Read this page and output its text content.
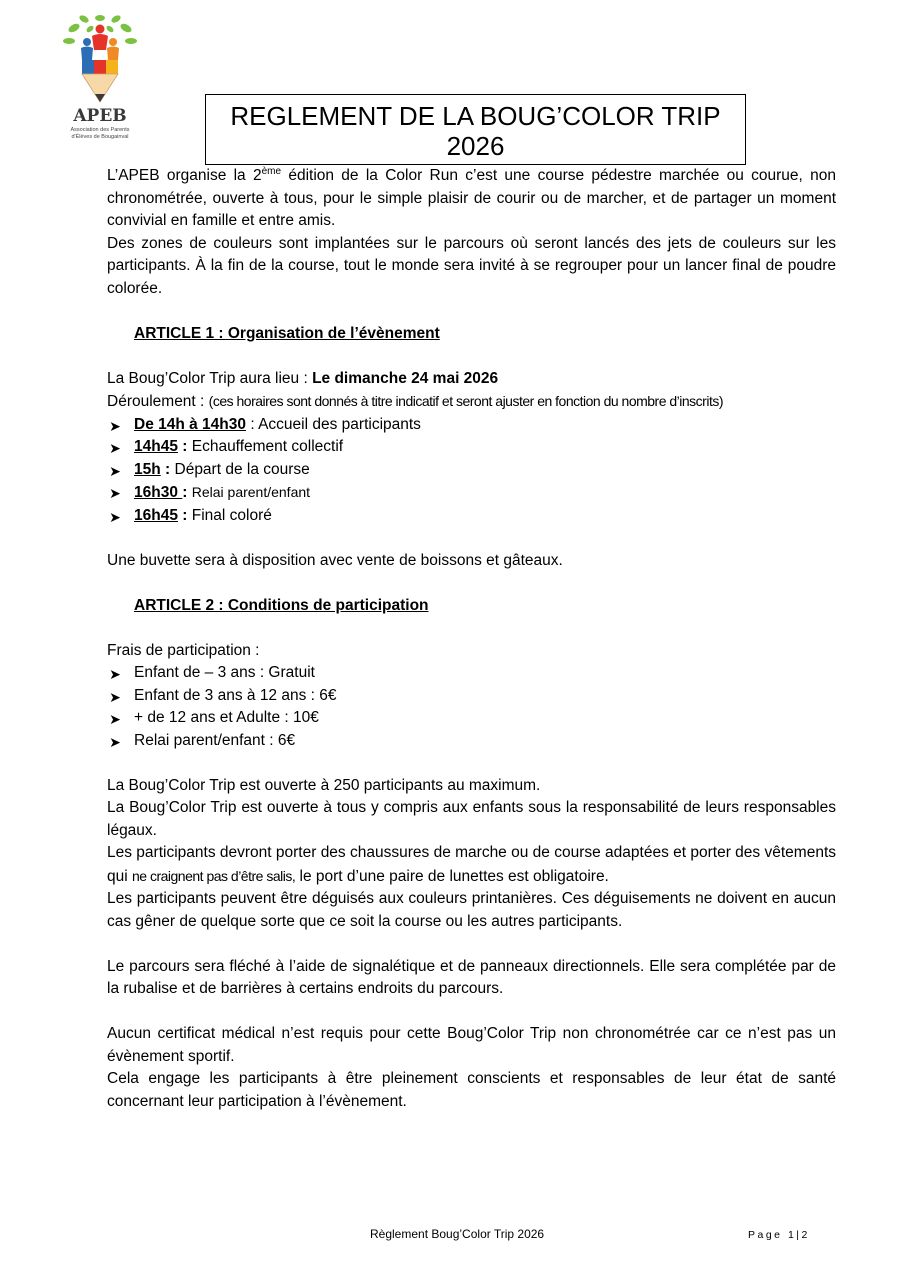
APEB
Association des Parents
d'Élèves de Bougainval
REGLEMENT DE LA BOUG’COLOR TRIP
2026

L’APEB organise la 2ème édition de la Color Run c’est une course pédestre marchée ou courue, non chronométrée, ouverte à tous, pour le simple plaisir de courir ou de marcher, et de partager un moment convivial en famille et entre amis.

Des zones de couleurs sont implantées sur le parcours où seront lancés des jets de couleurs sur les participants. À la fin de la course, tout le monde sera invité à se regrouper pour un lancer final de poudre colorée.

ARTICLE 1 : Organisation de l’évènement

La Boug’Color Trip aura lieu : Le dimanche 24 mai 2026

Déroulement : (ces horaires sont donnés à titre indicatif et seront ajuster en fonction du nombre d’inscrits)

➤ De 14h à 14h30 : Accueil des participants
➤ 14h45 : Echauffement collectif
➤ 15h : Départ de la course
➤ 16h30 : Relai parent/enfant
➤ 16h45 : Final coloré

Une buvette sera à disposition avec vente de boissons et gâteaux.

ARTICLE 2 : Conditions de participation

Frais de participation :

➤ Enfant de – 3 ans : Gratuit
➤ Enfant de 3 ans à 12 ans : 6€
➤ + de 12 ans et Adulte : 10€
➤ Relai parent/enfant : 6€

La Boug’Color Trip est ouverte à 250 participants au maximum.

La Boug’Color Trip est ouverte à tous y compris aux enfants sous la responsabilité de leurs responsables légaux.

Les participants devront porter des chaussures de marche ou de course adaptées et porter des vêtements qui ne craignent pas d’être salis, le port d’une paire de lunettes est obligatoire.

Les participants peuvent être déguisés aux couleurs printanières. Ces déguisements ne doivent en aucun cas gêner de quelque sorte que ce soit la course ou les autres participants.

Le parcours sera fléché à l’aide de signalétique et de panneaux directionnels. Elle sera complétée par de la rubalise et de barrières à certains endroits du parcours.

Aucun certificat médical n’est requis pour cette Boug’Color Trip non chronométrée car ce n’est pas un évènement sportif.

Cela engage les participants à être pleinement conscients et responsables de leur état de santé concernant leur participation à l’évènement.

Règlement Boug’Color Trip 2026	Page 1|2
